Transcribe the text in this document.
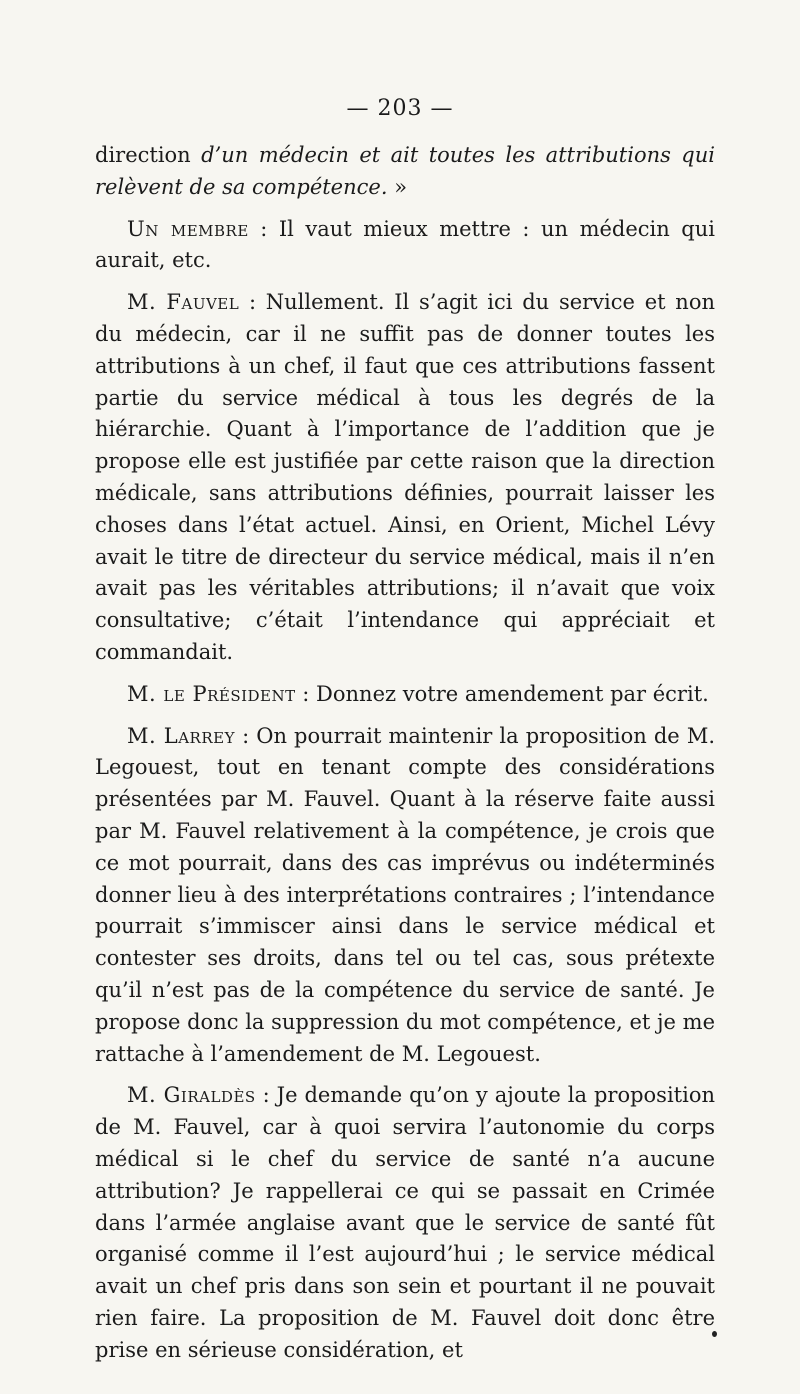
— 203 —

direction d’un médecin et ait toutes les attributions qui relèvent de sa compétence. »

Un membre : Il vaut mieux mettre : un médecin qui aurait, etc.

M. Fauvel : Nullement. Il s’agit ici du service et non du médecin, car il ne suffit pas de donner toutes les attributions à un chef, il faut que ces attributions fassent partie du service médical à tous les degrés de la hiérarchie. Quant à l’importance de l’addition que je propose elle est justifiée par cette raison que la direction médicale, sans attributions définies, pourrait laisser les choses dans l’état actuel. Ainsi, en Orient, Michel Lévy avait le titre de directeur du service médical, mais il n’en avait pas les véritables attributions; il n’avait que voix consultative; c’était l’intendance qui appréciait et commandait.

M. le Président : Donnez votre amendement par écrit.

M. Larrey : On pourrait maintenir la proposition de M. Legouest, tout en tenant compte des considérations présentées par M. Fauvel. Quant à la réserve faite aussi par M. Fauvel relativement à la compétence, je crois que ce mot pourrait, dans des cas imprévus ou indéterminés donner lieu à des interprétations contraires ; l’intendance pourrait s’immiscer ainsi dans le service médical et contester ses droits, dans tel ou tel cas, sous prétexte qu’il n’est pas de la compétence du service de santé. Je propose donc la suppression du mot compétence, et je me rattache à l’amendement de M. Legouest.

M. Giraldès : Je demande qu’on y ajoute la proposition de M. Fauvel, car à quoi servira l’autonomie du corps médical si le chef du service de santé n’a aucune attribution? Je rappellerai ce qui se passait en Crimée dans l’armée anglaise avant que le service de santé fût organisé comme il l’est aujourd’hui ; le service médical avait un chef pris dans son sein et pourtant il ne pouvait rien faire. La proposition de M. Fauvel doit donc être prise en sérieuse considération, et
